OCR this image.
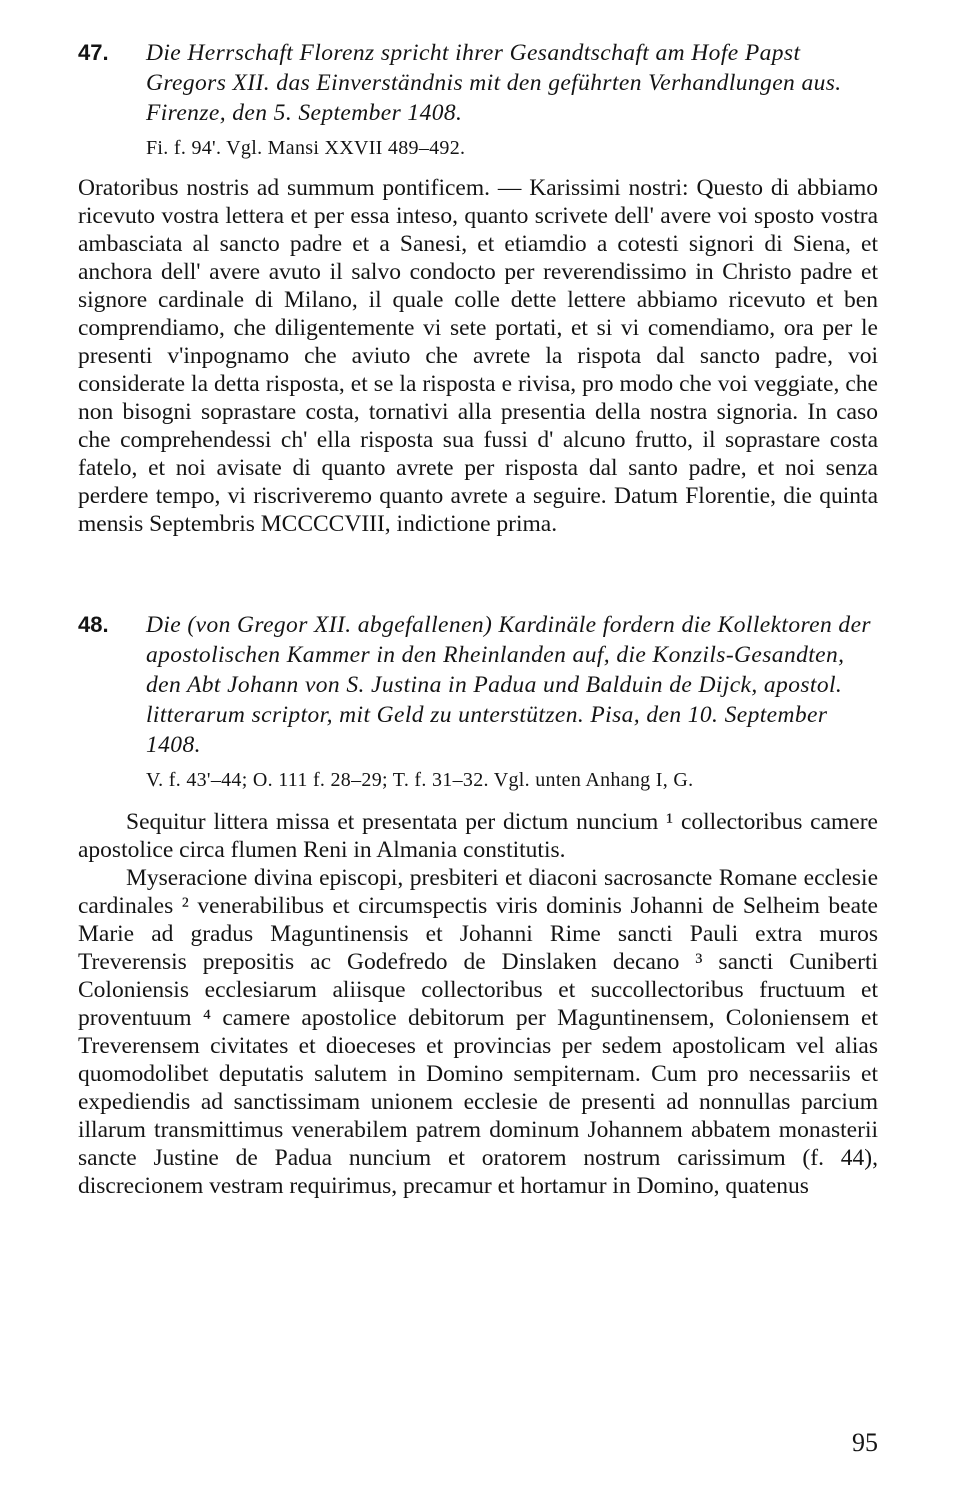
47. Die Herrschaft Florenz spricht ihrer Gesandtschaft am Hofe Papst Gregors XII. das Einverständnis mit den geführten Verhandlungen aus. Firenze, den 5. September 1408.
Fi. f. 94'. Vgl. Mansi XXVII 489–492.

Oratoribus nostris ad summum pontificem. — Karissimi nostri: Questo di abbiamo ricevuto vostra lettera et per essa inteso, quanto scrivete dell' avere voi sposto vostra ambasciata al sancto padre et a Sanesi, et etiamdio a cotesti signori di Siena, et anchora dell' avere avuto il salvo condocto per reverendissimo in Christo padre et signore cardinale di Milano, il quale colle dette lettere abbiamo ricevuto et ben comprendiamo, che diligentemente vi sete portati, et si vi comendiamo, ora per le presenti v'inpognamo che aviuto che avrete la rispota dal sancto padre, voi considerate la detta risposta, et se la risposta e rivisa, pro modo che voi veggiate, che non bisogni soprastare costa, tornativi alla presentia della nostra signoria. In caso che comprehendessi ch' ella risposta sua fussi d' alcuno frutto, il soprastare costa fatelo, et noi avisate di quanto avrete per risposta dal santo padre, et noi senza perdere tempo, vi riscriveremo quanto avrete a seguire. Datum Florentie, die quinta mensis Septembris MCCCCVIII, indictione prima.

48. Die (von Gregor XII. abgefallenen) Kardinäle fordern die Kollektoren der apostolischen Kammer in den Rheinlanden auf, die Konzils-Gesandten, den Abt Johann von S. Justina in Padua und Balduin de Dijck, apostol. litterarum scriptor, mit Geld zu unterstützen. Pisa, den 10. September 1408.
V. f. 43'–44; O. 111 f. 28–29; T. f. 31–32. Vgl. unten Anhang I, G.

Sequitur littera missa et presentata per dictum nuncium ¹ collectoribus camere apostolice circa flumen Reni in Almania constitutis.

Myseracione divina episcopi, presbiteri et diaconi sacrosancte Romane ecclesie cardinales ² venerabilibus et circumspectis viris dominis Johanni de Selheim beate Marie ad gradus Maguntinensis et Johanni Rime sancti Pauli extra muros Treverensis prepositis ac Godefredo de Dinslaken decano ³ sancti Cuniberti Coloniensis ecclesiarum aliisque collectoribus et succollectoribus fructuum et proventuum ⁴ camere apostolice debitorum per Maguntinensem, Coloniensem et Treverensem civitates et dioeceses et provincias per sedem apostolicam vel alias quomodolibet deputatis salutem in Domino sempiternam. Cum pro necessariis et expediendis ad sanctissimam unionem ecclesie de presenti ad nonnullas parcium illarum transmittimus venerabilem patrem dominum Johannem abbatem monasterii sancte Justine de Padua nuncium et oratorem nostrum carissimum (f. 44), discrecionem vestram requirimus, precamur et hortamur in Domino, quatenus

95
